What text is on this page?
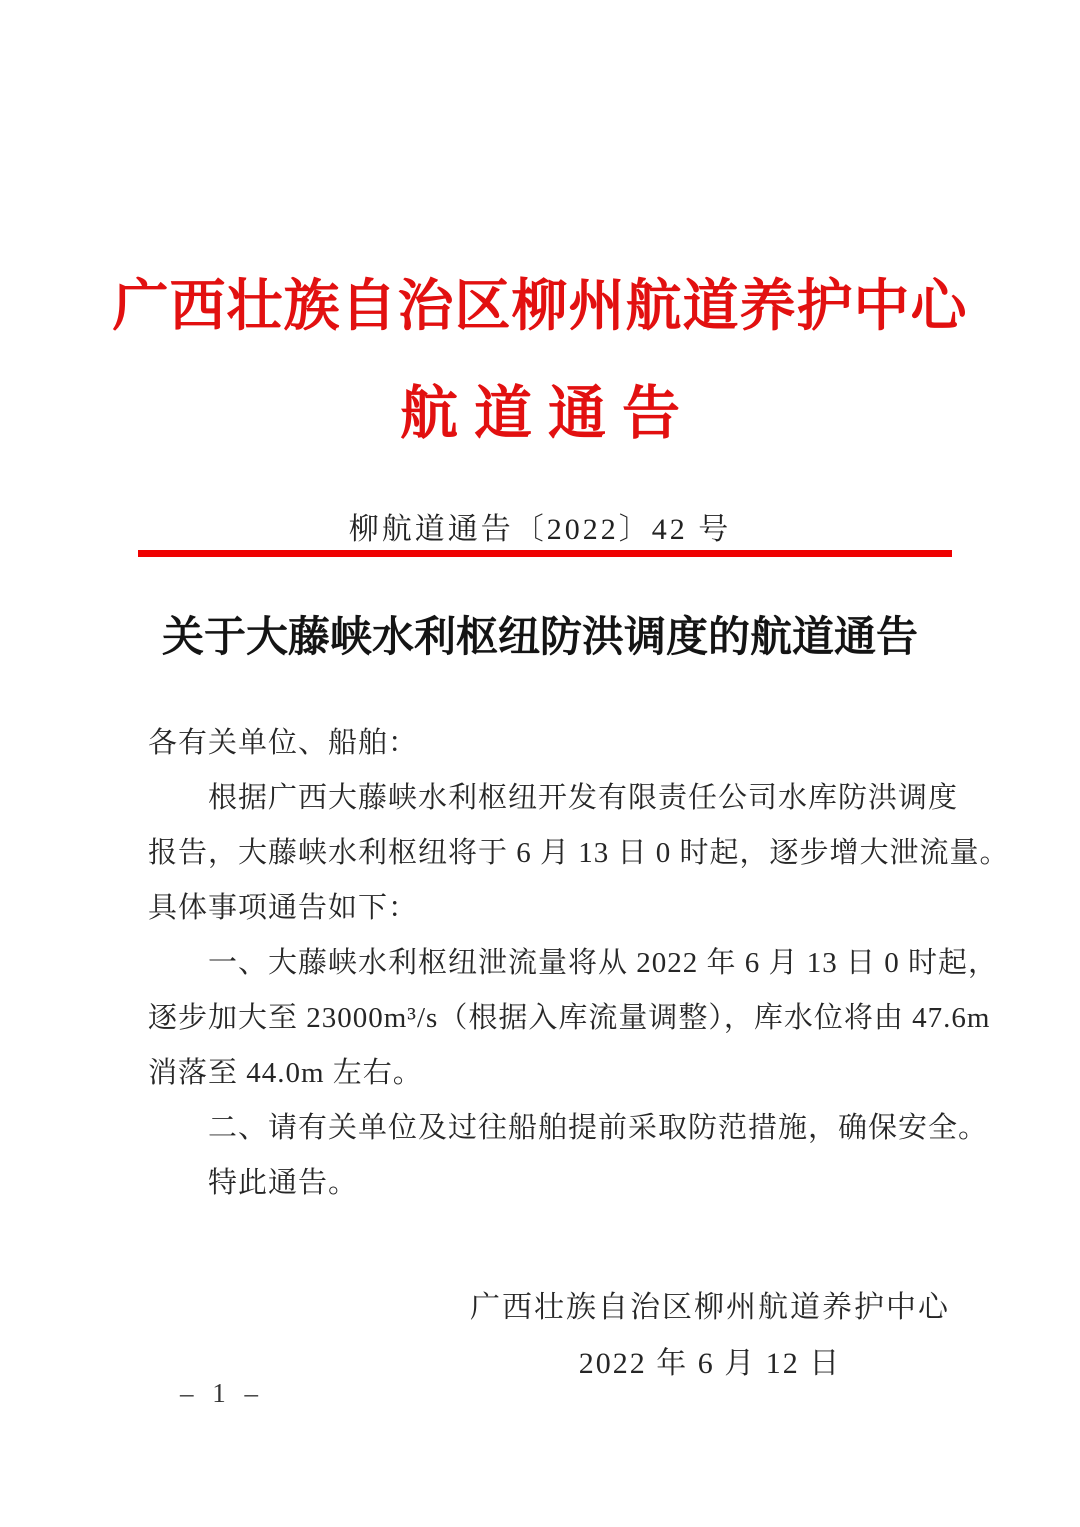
广西壮族自治区柳州航道养护中心
航道通告
柳航道通告〔2022〕42 号
关于大藤峡水利枢纽防洪调度的航道通告
各有关单位、船舶：
根据广西大藤峡水利枢纽开发有限责任公司水库防洪调度
报告，大藤峡水利枢纽将于 6 月 13 日 0 时起，逐步增大泄流量。
具体事项通告如下：
一、大藤峡水利枢纽泄流量将从 2022 年 6 月 13 日 0 时起，
逐步加大至 23000m³/s（根据入库流量调整），库水位将由 47.6m
消落至 44.0m 左右。
二、请有关单位及过往船舶提前采取防范措施，确保安全。
特此通告。
广西壮族自治区柳州航道养护中心
2022 年 6 月 12 日
– 1 –
